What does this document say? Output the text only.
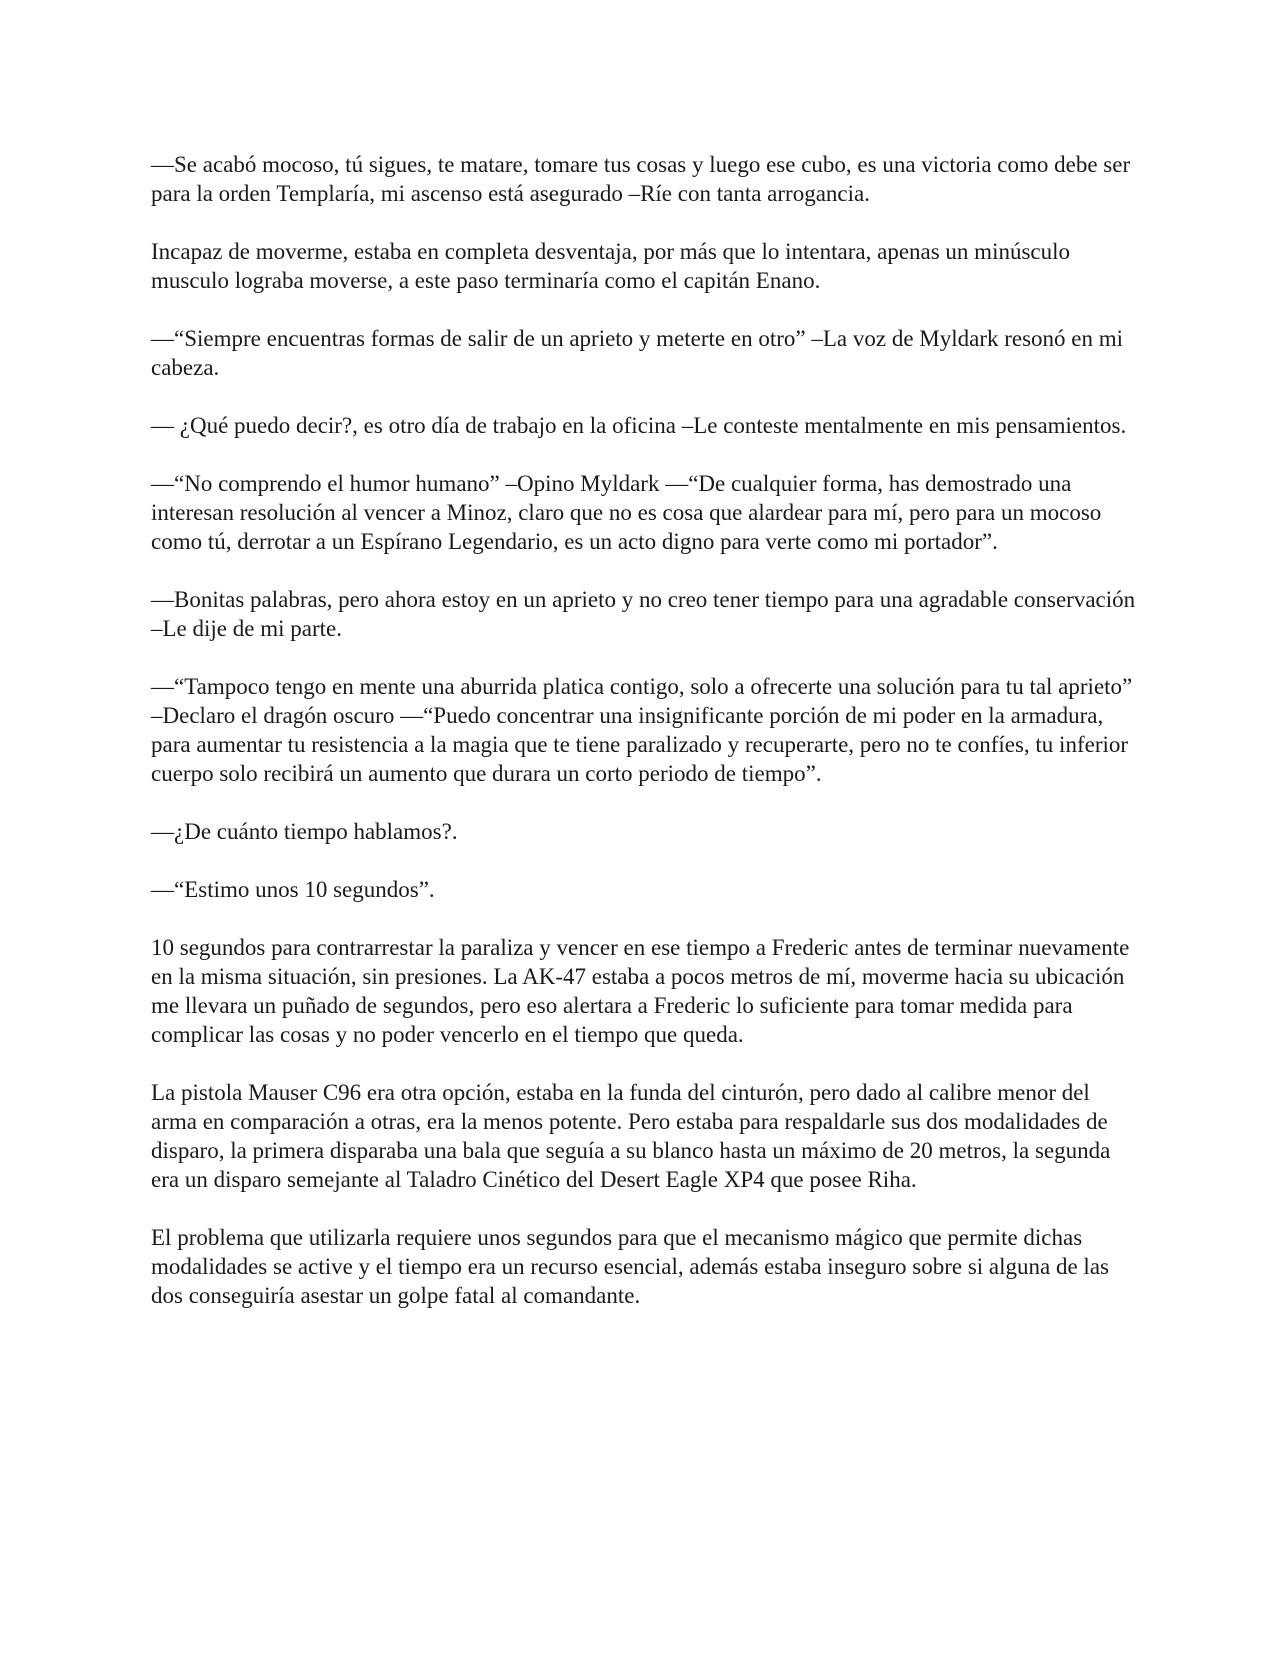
—Se acabó mocoso, tú sigues, te matare, tomare tus cosas y luego ese cubo, es una victoria como debe ser para la orden Templaría, mi ascenso está asegurado –Ríe con tanta arrogancia.

Incapaz de moverme, estaba en completa desventaja, por más que lo intentara, apenas un minúsculo musculo lograba moverse, a este paso terminaría como el capitán Enano.

—“Siempre encuentras formas de salir de un aprieto y meterte en otro” –La voz de Myldark resonó en mi cabeza.

— ¿Qué puedo decir?, es otro día de trabajo en la oficina –Le conteste mentalmente en mis pensamientos.

—“No comprendo el humor humano” –Opino Myldark —“De cualquier forma, has demostrado una interesan resolución al vencer a Minoz, claro que no es cosa que alardear para mí, pero para un mocoso como tú, derrotar a un Espírano Legendario, es un acto digno para verte como mi portador”.

—Bonitas palabras, pero ahora estoy en un aprieto y no creo tener tiempo para una agradable conservación –Le dije de mi parte.

—“Tampoco tengo en mente una aburrida platica contigo, solo a ofrecerte una solución para tu tal aprieto” –Declaro el dragón oscuro —“Puedo concentrar una insignificante porción de mi poder en la armadura, para aumentar tu resistencia a la magia que te tiene paralizado y recuperarte, pero no te confíes, tu inferior cuerpo solo recibirá un aumento que durara un corto periodo de tiempo”.

—¿De cuánto tiempo hablamos?.

—“Estimo unos 10 segundos”.

10 segundos para contrarrestar la paraliza y vencer en ese tiempo a Frederic antes de terminar nuevamente en la misma situación, sin presiones. La AK-47 estaba a pocos metros de mí, moverme hacia su ubicación me llevara un puñado de segundos, pero eso alertara a Frederic lo suficiente para tomar medida para complicar las cosas y no poder vencerlo en el tiempo que queda.

La pistola Mauser C96 era otra opción, estaba en la funda del cinturón, pero dado al calibre menor del arma en comparación a otras, era la menos potente. Pero estaba para respaldarle sus dos modalidades de disparo, la primera disparaba una bala que seguía a su blanco hasta un máximo de 20 metros, la segunda era un disparo semejante al Taladro Cinético del Desert Eagle XP4 que posee Riha.

El problema que utilizarla requiere unos segundos para que el mecanismo mágico que permite dichas modalidades se active y el tiempo era un recurso esencial, además estaba inseguro sobre si alguna de las dos conseguiría asestar un golpe fatal al comandante.
